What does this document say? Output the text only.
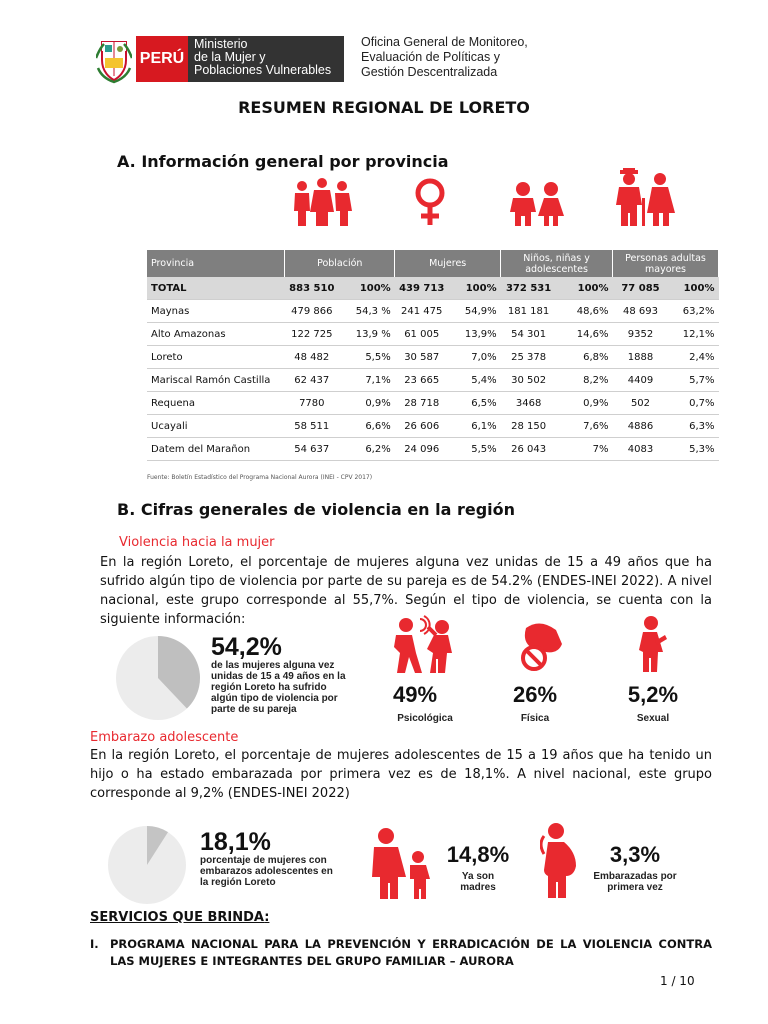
PERÚ
Ministerio
de la Mujer y
Poblaciones Vulnerables
Oficina General de Monitoreo,
Evaluación de Políticas y
Gestión Descentralizada
RESUMEN REGIONAL DE LORETO
A. Información general por provincia
Provincia	Población		Mujeres		Niños, niñas y adolescentes		Personas adultas mayores	
TOTAL	883 510	100%	439 713	100%	372 531	100%	77 085	100%
Maynas	479 866	54,3 %	241 475	54,9%	181 181	48,6%	48 693	63,2%
Alto Amazonas	122 725	13,9 %	61 005	13,9%	54 301	14,6%	9352	12,1%
Loreto	48 482	5,5%	30 587	7,0%	25 378	6,8%	1888	2,4%
Mariscal Ramón Castilla	62 437	7,1%	23 665	5,4%	30 502	8,2%	4409	5,7%
Requena	7780	0,9%	28 718	6,5%	3468	0,9%	502	0,7%
Ucayali	58 511	6,6%	26 606	6,1%	28 150	7,6%	4886	6,3%
Datem del Marañon	54 637	6,2%	24 096	5,5%	26 043	7%	4083	5,3%
Fuente: Boletín Estadístico del Programa Nacional Aurora (INEI - CPV 2017)
B. Cifras generales de violencia en la región
Violencia hacia la mujer
En la región Loreto, el porcentaje de mujeres alguna vez unidas de 15 a 49 años que ha sufrido algún tipo de violencia por parte de su pareja es de 54.2% (ENDES-INEI 2022). A nivel nacional, este grupo corresponde al 55,7%. Según el tipo de violencia, se cuenta con la siguiente información:
54,2%
de las mujeres alguna vez unidas de 15 a 49 años en la región Loreto ha sufrido algún tipo de violencia por parte de su pareja
49%
Psicológica
26%
Física
5,2%
Sexual
Embarazo adolescente
En la región Loreto, el porcentaje de mujeres adolescentes de 15 a 19 años que ha tenido un hijo o ha estado embarazada por primera vez es de 18,1%. A nivel nacional, este grupo corresponde al 9,2% (ENDES-INEI 2022)
18,1%
porcentaje de mujeres con embarazos adolescentes en la región Loreto
14,8%
Ya son madres
3,3%
Embarazadas por primera vez
SERVICIOS QUE BRINDA:
I. PROGRAMA NACIONAL PARA LA PREVENCIÓN Y ERRADICACIÓN DE LA VIOLENCIA CONTRA LAS MUJERES E INTEGRANTES DEL GRUPO FAMILIAR – AURORA
1 / 10
